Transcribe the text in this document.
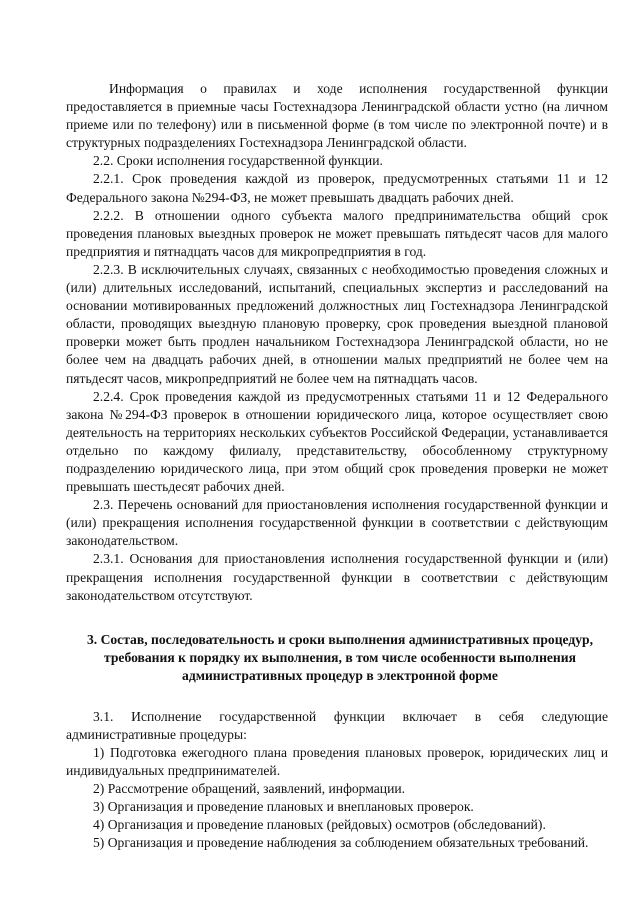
Информация о правилах и ходе исполнения государственной функции предоставляется в приемные часы Гостехнадзора Ленинградской области устно (на личном приеме или по телефону) или в письменной форме (в том числе по электронной почте) и в структурных подразделениях Гостехнадзора Ленинградской области.

2.2. Сроки исполнения государственной функции.

2.2.1. Срок проведения каждой из проверок, предусмотренных статьями 11 и 12 Федерального закона №294-ФЗ, не может превышать двадцать рабочих дней.

2.2.2. В отношении одного субъекта малого предпринимательства общий срок проведения плановых выездных проверок не может превышать пятьдесят часов для малого предприятия и пятнадцать часов для микропредприятия в год.

2.2.3. В исключительных случаях, связанных с необходимостью проведения сложных и (или) длительных исследований, испытаний, специальных экспертиз и расследований на основании мотивированных предложений должностных лиц Гостехнадзора Ленинградской области, проводящих выездную плановую проверку, срок проведения выездной плановой проверки может быть продлен начальником Гостехнадзора Ленинградской области, но не более чем на двадцать рабочих дней, в отношении малых предприятий не более чем на пятьдесят часов, микропредприятий не более чем на пятнадцать часов.

2.2.4. Срок проведения каждой из предусмотренных статьями 11 и 12 Федерального закона №294-ФЗ проверок в отношении юридического лица, которое осуществляет свою деятельность на территориях нескольких субъектов Российской Федерации, устанавливается отдельно по каждому филиалу, представительству, обособленному структурному подразделению юридического лица, при этом общий срок проведения проверки не может превышать шестьдесят рабочих дней.

2.3. Перечень оснований для приостановления исполнения государственной функции и (или) прекращения исполнения государственной функции в соответствии с действующим законодательством.

2.3.1. Основания для приостановления исполнения государственной функции и (или) прекращения исполнения государственной функции в соответствии с действующим законодательством отсутствуют.

3. Состав, последовательность и сроки выполнения административных процедур, требования к порядку их выполнения, в том числе особенности выполнения административных процедур в электронной форме

3.1. Исполнение государственной функции включает в себя следующие административные процедуры:

1) Подготовка ежегодного плана проведения плановых проверок, юридических лиц и индивидуальных предпринимателей.

2) Рассмотрение обращений, заявлений, информации.

3) Организация и проведение плановых и внеплановых проверок.

4) Организация и проведение плановых (рейдовых) осмотров (обследований).

5) Организация и проведение наблюдения за соблюдением обязательных требований.
